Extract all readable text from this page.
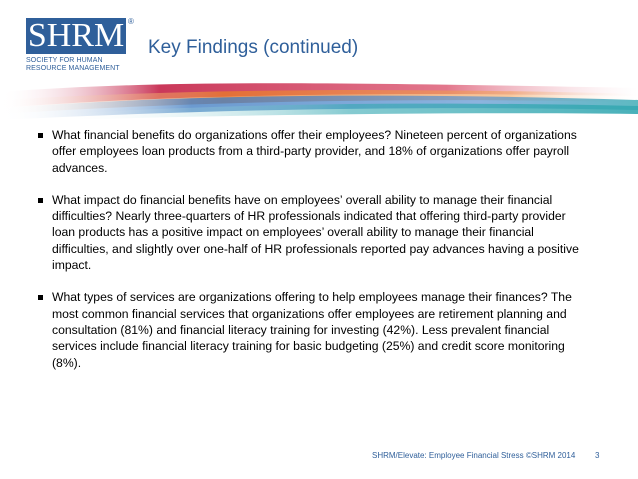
SHRM ®
SOCIETY FOR HUMAN
RESOURCE MANAGEMENT
Key Findings (continued)
What financial benefits do organizations offer their employees? Nineteen percent of organizations offer employees loan products from a third-party provider, and 18% of organizations offer payroll advances.
What impact do financial benefits have on employees’ overall ability to manage their financial difficulties? Nearly three-quarters of HR professionals indicated that offering third-party provider loan products has a positive impact on employees’ overall ability to manage their financial difficulties, and slightly over one-half of HR professionals reported pay advances having a positive impact.
What types of services are organizations offering to help employees manage their finances? The most common financial services that organizations offer employees are retirement planning and consultation (81%) and financial literacy training for investing (42%). Less prevalent financial services include financial literacy training for basic budgeting (25%) and credit score monitoring (8%).
SHRM/Elevate: Employee Financial Stress ©SHRM 2014 3
